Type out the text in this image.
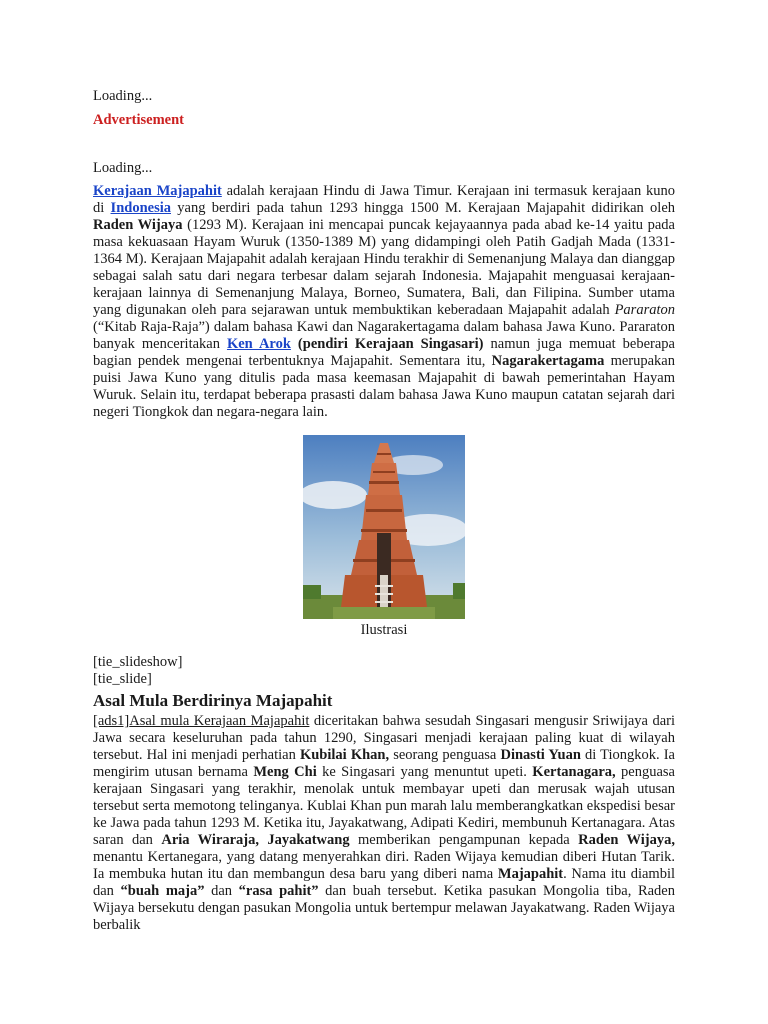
Loading...
Advertisement
Loading...

Kerajaan Majapahit adalah kerajaan Hindu di Jawa Timur. Kerajaan ini termasuk kerajaan kuno di Indonesia yang berdiri pada tahun 1293 hingga 1500 M. Kerajaan Majapahit didirikan oleh Raden Wijaya (1293 M). Kerajaan ini mencapai puncak kejayaannya pada abad ke-14 yaitu pada masa kekuasaan Hayam Wuruk (1350-1389 M) yang didampingi oleh Patih Gadjah Mada (1331-1364 M). Kerajaan Majapahit adalah kerajaan Hindu terakhir di Semenanjung Malaya dan dianggap sebagai salah satu dari negara terbesar dalam sejarah Indonesia. Majapahit menguasai kerajaan-kerajaan lainnya di Semenanjung Malaya, Borneo, Sumatera, Bali, dan Filipina. Sumber utama yang digunakan oleh para sejarawan untuk membuktikan keberadaan Majapahit adalah Pararaton (“Kitab Raja-Raja”) dalam bahasa Kawi dan Nagarakertagama dalam bahasa Jawa Kuno. Pararaton banyak menceritakan Ken Arok (pendiri Kerajaan Singasari) namun juga memuat beberapa bagian pendek mengenai terbentuknya Majapahit. Sementara itu, Nagarakertagama merupakan puisi Jawa Kuno yang ditulis pada masa keemasan Majapahit di bawah pemerintahan Hayam Wuruk. Selain itu, terdapat beberapa prasasti dalam bahasa Jawa Kuno maupun catatan sejarah dari negeri Tiongkok dan negara-negara lain.

Ilustrasi
[tie_slideshow]
[tie_slide]
Asal Mula Berdirinya Majapahit

[ads1]Asal mula Kerajaan Majapahit diceritakan bahwa sesudah Singasari mengusir Sriwijaya dari Jawa secara keseluruhan pada tahun 1290, Singasari menjadi kerajaan paling kuat di wilayah tersebut. Hal ini menjadi perhatian Kubilai Khan, seorang penguasa Dinasti Yuan di Tiongkok. Ia mengirim utusan bernama Meng Chi ke Singasari yang menuntut upeti. Kertanagara, penguasa kerajaan Singasari yang terakhir, menolak untuk membayar upeti dan merusak wajah utusan tersebut serta memotong telinganya. Kublai Khan pun marah lalu memberangkatkan ekspedisi besar ke Jawa pada tahun 1293 M. Ketika itu, Jayakatwang, Adipati Kediri, membunuh Kertanagara. Atas saran dan Aria Wiraraja, Jayakatwang memberikan pengampunan kepada Raden Wijaya, menantu Kertanegara, yang datang menyerahkan diri. Raden Wijaya kemudian diberi Hutan Tarik. Ia membuka hutan itu dan membangun desa baru yang diberi nama Majapahit. Nama itu diambil dan “buah maja” dan “rasa pahit” dan buah tersebut. Ketika pasukan Mongolia tiba, Raden Wijaya bersekutu dengan pasukan Mongolia untuk bertempur melawan Jayakatwang. Raden Wijaya berbalik
